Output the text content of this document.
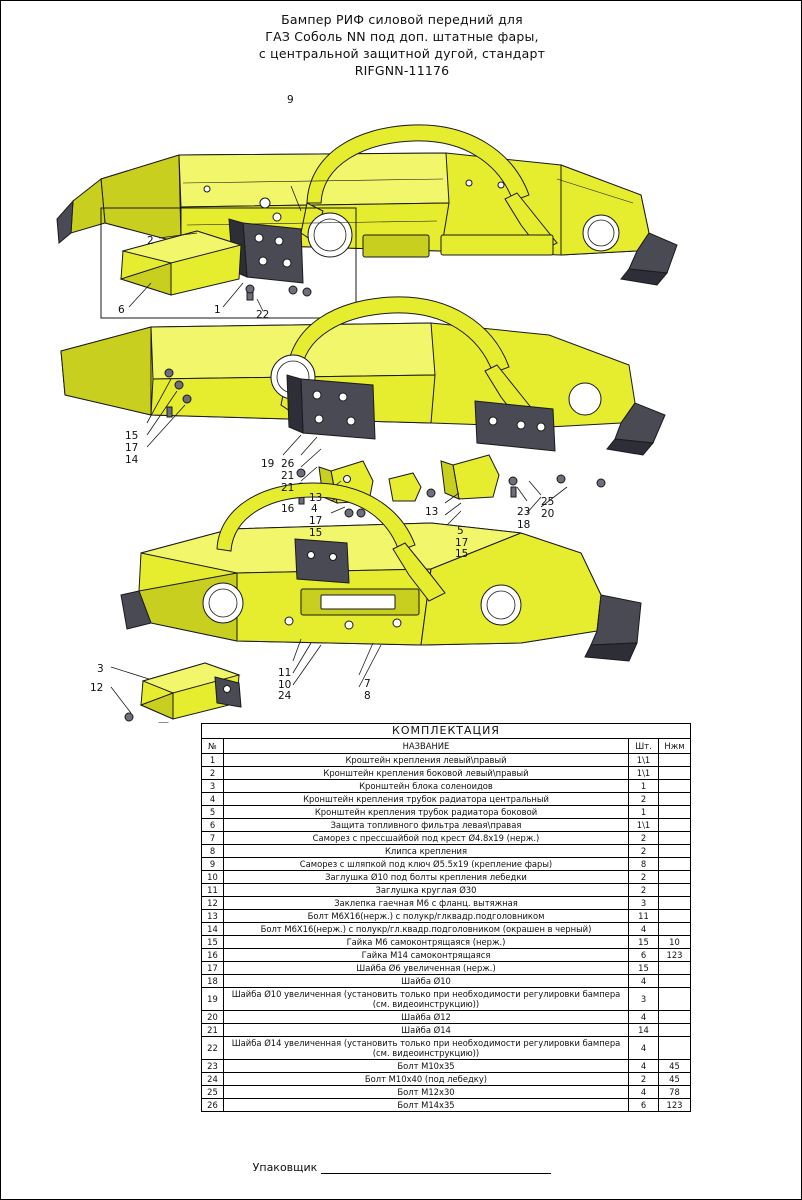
Бампер РИФ силовой передний для
ГАЗ Соболь NN под доп. штатные фары,
с центральной защитной дугой, стандарт
RIFGNN-11176
9
2
6	1	22
15
17
14	19 26
21
21
16
13
4
17
15
13	23
25
20
18
5
17
15
3
12
11
10
24
7
8
КОМПЛЕКТАЦИЯ			
№	НАЗВАНИЕ	Шт.	Нжм
1	Кроштейн крепления левый\правый	1\1	
2	Кронштейн крепления боковой левый\правый	1\1	
3	Кронштейн блока соленоидов	1	
4	Кронштейн крепления трубок радиатора центральный	2	
5	Кронштейн крепления трубок радиатора боковой	1	
6	Защита топливного фильтра левая\правая	1\1	
7	Саморез с прессшайбой под крест Ø4.8x19 (нерж.)	2	
8	Клипса крепления	2	
9	Саморез с шляпкой под ключ Ø5.5x19 (крепление фары)	8	
10	Заглушка Ø10 под болты крепления лебедки	2	
11	Заглушка круглая Ø30	2	
12	Заклепка гаечная М6 с фланц. вытяжная	3	
13	Болт М6Х16(нерж.) с полукр/глквадр.подголовником	11	
14	Болт М6Х16(нерж.) с полукр/гл.квадр.подголовником (окрашен в черный)	4	
15	Гайка М6 самоконтрящаяся (нерж.)	15	10
16	Гайка М14 самоконтрящаяся	6	123
17	Шайба Ø6 увеличенная (нерж.)	15	
18	Шайба Ø10	4	
19	Шайба Ø10 увеличенная (установить только при необходимости регулировки бампера (см. видеоинструкцию))	3	
20	Шайба Ø12	4	
21	Шайба Ø14	14	
22	Шайба Ø14 увеличенная (установить только при необходимости регулировки бампера (см. видеоинструкцию))	4	
23	Болт М10x35	4	45
24	Болт М10x40 (под лебедку)	2	45
25	Болт М12x30	4	78
26	Болт М14x35	6	123
Упаковщик
